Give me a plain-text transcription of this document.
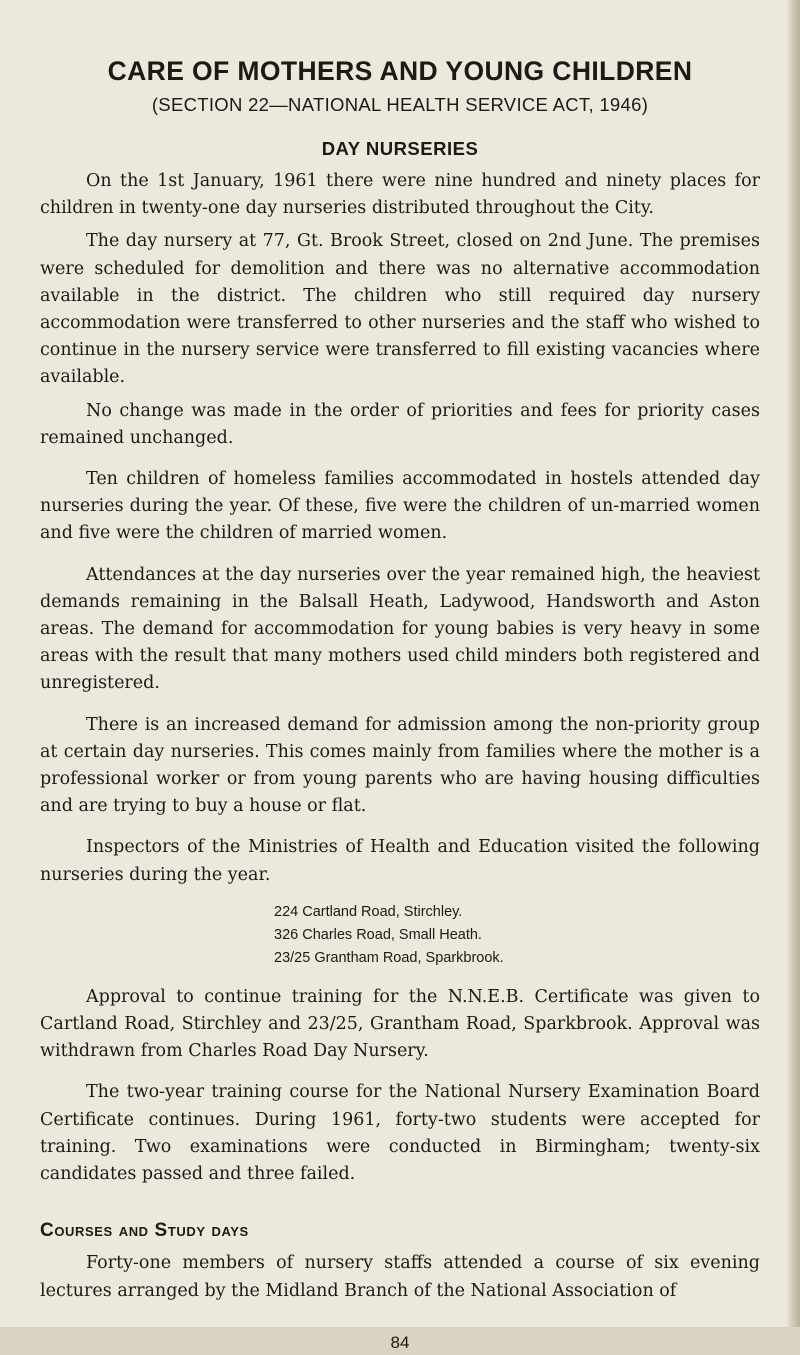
CARE OF MOTHERS AND YOUNG CHILDREN
(SECTION 22—NATIONAL HEALTH SERVICE ACT, 1946)
DAY NURSERIES

On the 1st January, 1961 there were nine hundred and ninety places for children in twenty-one day nurseries distributed throughout the City.

The day nursery at 77, Gt. Brook Street, closed on 2nd June. The premises were scheduled for demolition and there was no alternative accommodation available in the district. The children who still required day nursery accommodation were transferred to other nurseries and the staff who wished to continue in the nursery service were transferred to fill existing vacancies where available.

No change was made in the order of priorities and fees for priority cases remained unchanged.

Ten children of homeless families accommodated in hostels attended day nurseries during the year. Of these, five were the children of un-married women and five were the children of married women.

Attendances at the day nurseries over the year remained high, the heaviest demands remaining in the Balsall Heath, Ladywood, Handsworth and Aston areas. The demand for accommodation for young babies is very heavy in some areas with the result that many mothers used child minders both registered and unregistered.

There is an increased demand for admission among the non-priority group at certain day nurseries. This comes mainly from families where the mother is a professional worker or from young parents who are having housing difficulties and are trying to buy a house or flat.

Inspectors of the Ministries of Health and Education visited the following nurseries during the year.

224 Cartland Road, Stirchley.
326 Charles Road, Small Heath.
23/25 Grantham Road, Sparkbrook.

Approval to continue training for the N.N.E.B. Certificate was given to Cartland Road, Stirchley and 23/25, Grantham Road, Sparkbrook. Approval was withdrawn from Charles Road Day Nursery.

The two-year training course for the National Nursery Examination Board Certificate continues. During 1961, forty-two students were accepted for training. Two examinations were conducted in Birmingham; twenty-six candidates passed and three failed.

Courses and Study days

Forty-one members of nursery staffs attended a course of six evening lectures arranged by the Midland Branch of the National Association of

84
